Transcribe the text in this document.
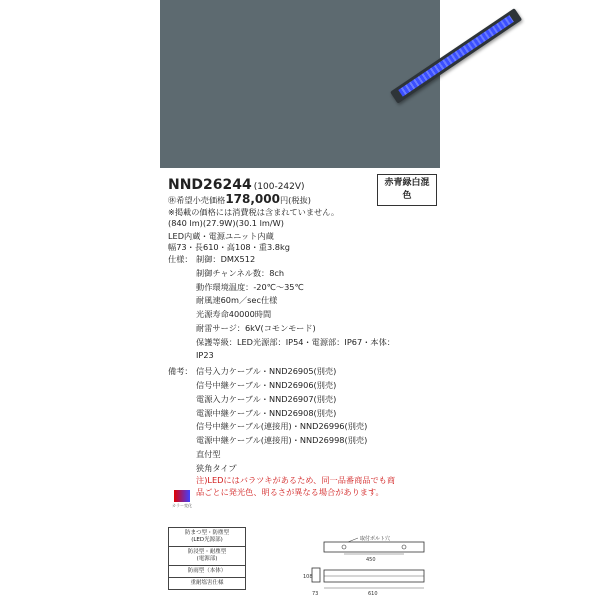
NND26244 (100-242V)	赤青緑白混
色
㊡希望小売価格178,000円(税抜)
※掲載の価格には消費税は含まれていません。
(840 lm)(27.9W)(30.1 lm/W)
LED内蔵・電源ユニット内蔵
幅73・長610・高108・重3.8kg
仕様： 制御：DMX512
制御チャンネル数：8ch
動作環境温度：-20℃～35℃
耐風速60m／sec仕様
光源寿命40000時間
耐雷サージ：6kV(コモンモード)
保護等級：LED光源部：IP54・電源部：IP67・本体：
IP23
備考： 信号入力ケーブル・NND26905(別売)
信号中継ケーブル・NND26906(別売)
電源入力ケーブル・NND26907(別売)
電源中継ケーブル・NND26908(別売)
信号中継ケーブル(連接用)・NND26996(別売)
電源中継ケーブル(連接用)・NND26998(別売)
直付型
狭角タイプ
注)LEDにはバラツキがあるため、同一品番商品でも商
品ごとに発光色、明るさが異なる場合があります。
カラー変化
防まつ型・防塵型
(LED光源部)

防浸型・耐塵型
(電源部)

防雨型（本体）
重耐塩害仕様
取付ボルト穴
450
108
610
73
